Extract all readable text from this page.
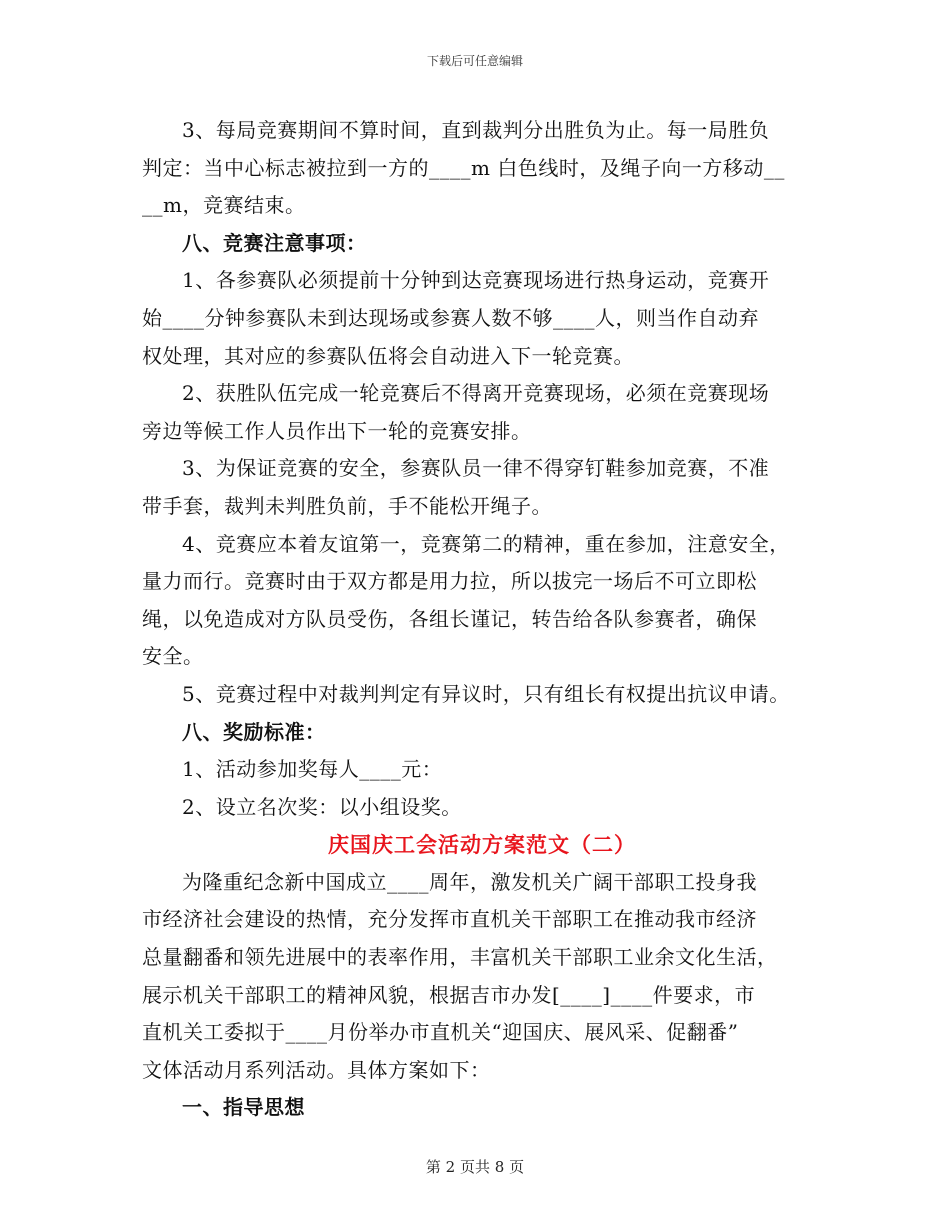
下载后可任意编辑

3、每局竞赛期间不算时间，直到裁判分出胜负为止。每一局胜负
判定：当中心标志被拉到一方的____m 白色线时，及绳子向一方移动__
__m，竞赛结束。

八、竞赛注意事项：

1、各参赛队必须提前十分钟到达竞赛现场进行热身运动，竞赛开
始____分钟参赛队未到达现场或参赛人数不够____人，则当作自动弃
权处理，其对应的参赛队伍将会自动进入下一轮竞赛。

2、获胜队伍完成一轮竞赛后不得离开竞赛现场，必须在竞赛现场
旁边等候工作人员作出下一轮的竞赛安排。

3、为保证竞赛的安全，参赛队员一律不得穿钉鞋参加竞赛，不准
带手套，裁判未判胜负前，手不能松开绳子。

4、竞赛应本着友谊第一，竞赛第二的精神，重在参加，注意安全，
量力而行。竞赛时由于双方都是用力拉，所以拔完一场后不可立即松
绳，以免造成对方队员受伤，各组长谨记，转告给各队参赛者，确保
安全。

5、竞赛过程中对裁判判定有异议时，只有组长有权提出抗议申请。

八、奖励标准：

1、活动参加奖每人____元：

2、设立名次奖：以小组设奖。

庆国庆工会活动方案范文（二）

为隆重纪念新中国成立____周年，激发机关广阔干部职工投身我
市经济社会建设的热情，充分发挥市直机关干部职工在推动我市经济
总量翻番和领先进展中的表率作用，丰富机关干部职工业余文化生活，
展示机关干部职工的精神风貌，根据吉市办发[____]____件要求，市
直机关工委拟于____月份举办市直机关“迎国庆、展风采、促翻番”
文体活动月系列活动。具体方案如下：

一、指导思想

第 2 页共 8 页
